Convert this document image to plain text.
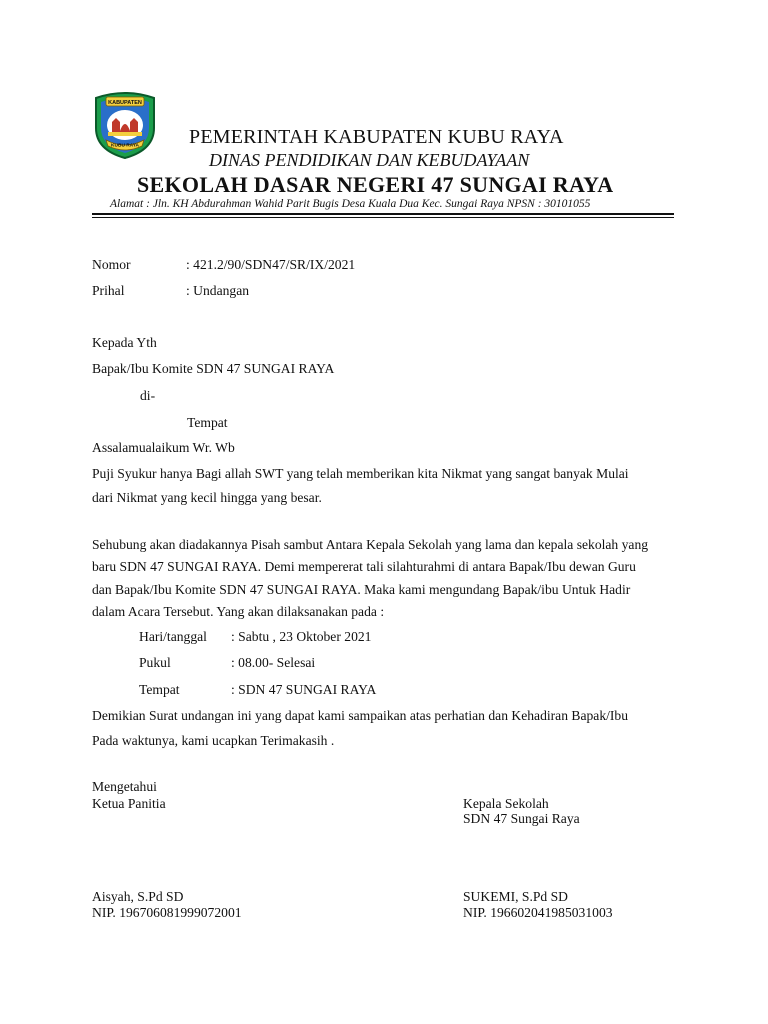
KABUPATEN
KUBU RAYA	PEMERINTAH KABUPATEN KUBU RAYA
DINAS PENDIDIKAN DAN KEBUDAYAAN
SEKOLAH DASAR NEGERI 47 SUNGAI RAYA
Alamat : Jln. KH Abdurahman Wahid Parit Bugis Desa Kuala Dua Kec. Sungai Raya NPSN : 30101055
Nomor	: 421.2/90/SDN47/SR/IX/2021
Prihal	: Undangan
Kepada Yth
Bapak/Ibu Komite SDN 47 SUNGAI RAYA
di-
Tempat
Assalamualaikum Wr. Wb
Puji Syukur hanya Bagi allah SWT yang telah memberikan kita Nikmat yang sangat banyak Mulai
dari Nikmat yang kecil hingga yang besar.
Sehubung akan diadakannya Pisah sambut Antara Kepala Sekolah yang lama dan kepala sekolah yang
baru SDN 47 SUNGAI RAYA. Demi mempererat tali silahturahmi di antara Bapak/Ibu dewan Guru
dan Bapak/Ibu Komite SDN 47 SUNGAI RAYA. Maka kami mengundang Bapak/ibu Untuk Hadir
dalam Acara Tersebut. Yang akan dilaksanakan pada :
Hari/tanggal : Sabtu , 23 Oktober 2021
Pukul	: 08.00- Selesai
Tempat	: SDN 47 SUNGAI RAYA
Demikian Surat undangan ini yang dapat kami sampaikan atas perhatian dan Kehadiran Bapak/Ibu
Pada waktunya, kami ucapkan Terimakasih .
Mengetahui
Ketua Panitia	Kepala Sekolah
SDN 47 Sungai Raya
Aisyah, S.Pd SD
NIP. 196706081999072001
SUKEMI, S.Pd SD
NIP. 196602041985031003
